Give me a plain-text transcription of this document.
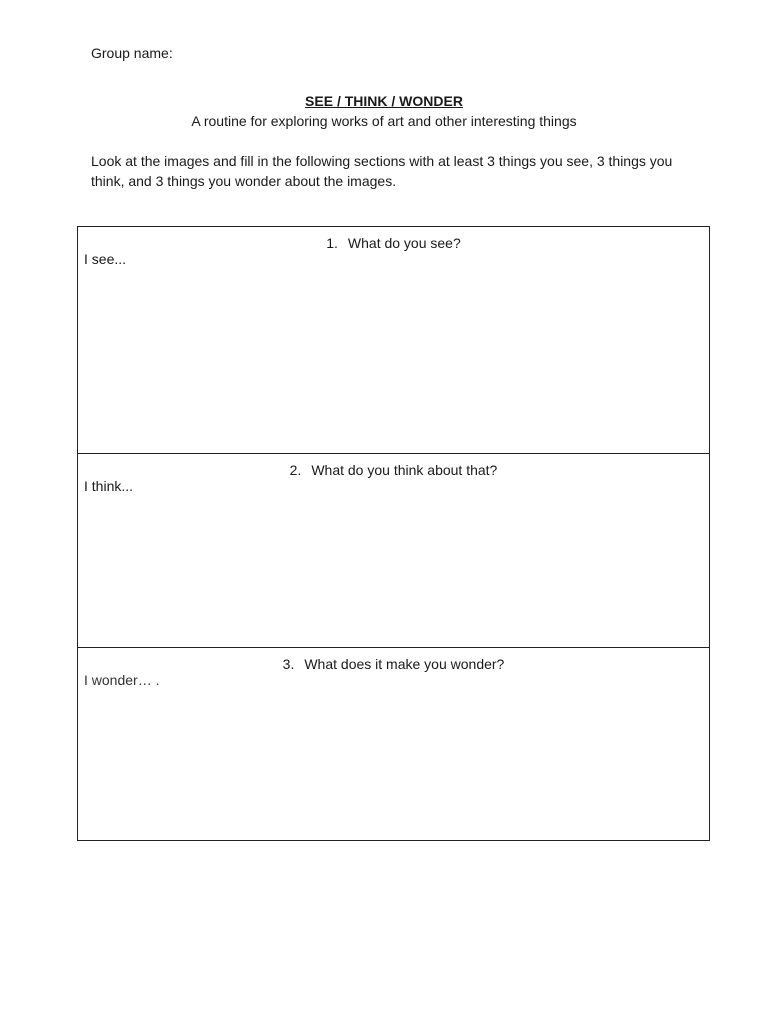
Group name:
SEE / THINK / WONDER
A routine for exploring works of art and other interesting things
Look at the images and fill in the following sections with at least 3 things you see, 3 things you think, and 3 things you wonder about the images.
1. What do you see?
I see...
2. What do you think about that?
I think...
3. What does it make you wonder?
I wonder… .
